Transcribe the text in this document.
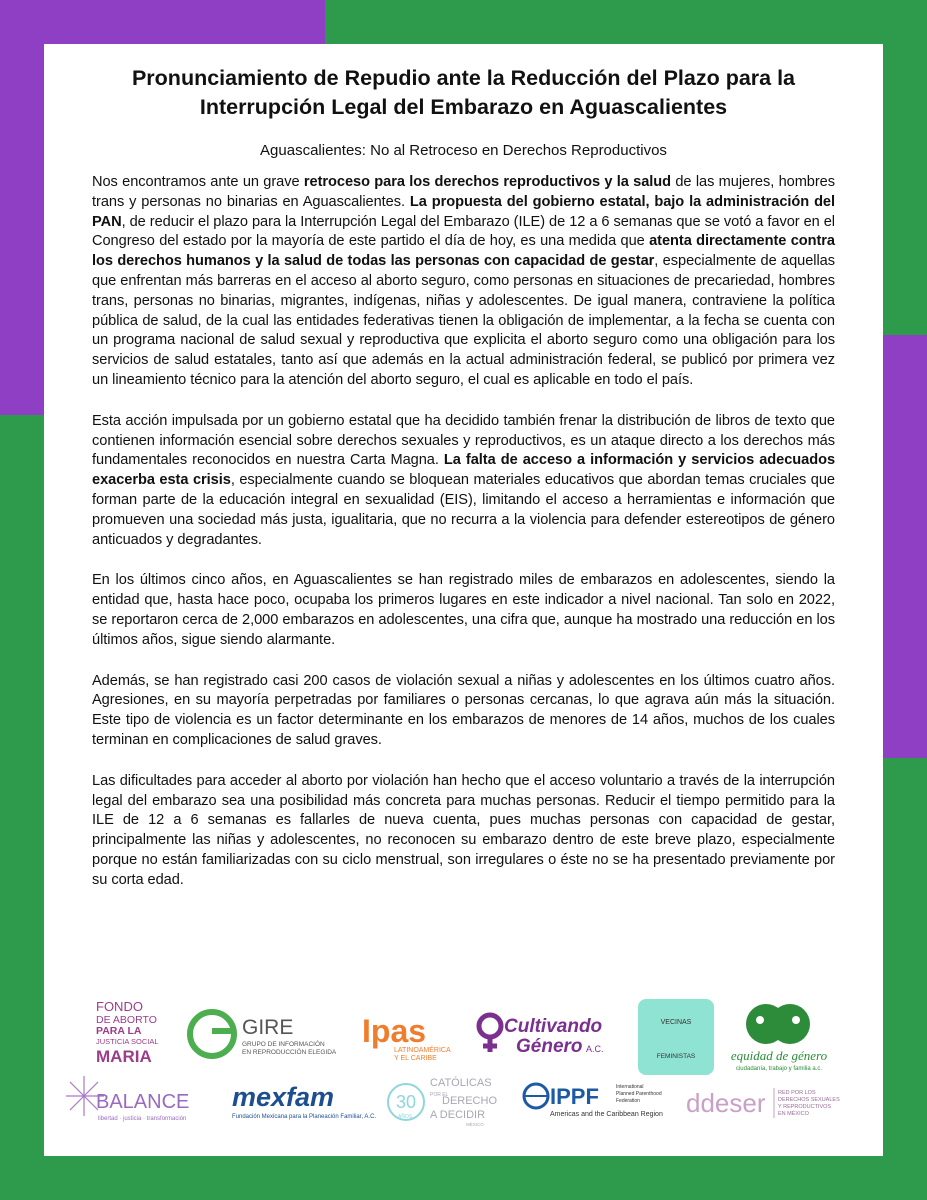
Pronunciamiento de Repudio ante la Reducción del Plazo para la
Interrupción Legal del Embarazo en Aguascalientes
Aguascalientes: No al Retroceso en Derechos Reproductivos

Nos encontramos ante un grave retroceso para los derechos reproductivos y la salud de las mujeres, hombres trans y personas no binarias en Aguascalientes. La propuesta del gobierno estatal, bajo la administración del PAN, de reducir el plazo para la Interrupción Legal del Embarazo (ILE) de 12 a 6 semanas que se votó a favor en el Congreso del estado por la mayoría de este partido el día de hoy, es una medida que atenta directamente contra los derechos humanos y la salud de todas las personas con capacidad de gestar, especialmente de aquellas que enfrentan más barreras en el acceso al aborto seguro, como personas en situaciones de precariedad, hombres trans, personas no binarias, migrantes, indígenas, niñas y adolescentes. De igual manera, contraviene la política pública de salud, de la cual las entidades federativas tienen la obligación de implementar, a la fecha se cuenta con un programa nacional de salud sexual y reproductiva que explicita el aborto seguro como una obligación para los servicios de salud estatales, tanto así que además en la actual administración federal, se publicó por primera vez un lineamiento técnico para la atención del aborto seguro, el cual es aplicable en todo el país.

Esta acción impulsada por un gobierno estatal que ha decidido también frenar la distribución de libros de texto que contienen información esencial sobre derechos sexuales y reproductivos, es un ataque directo a los derechos más fundamentales reconocidos en nuestra Carta Magna. La falta de acceso a información y servicios adecuados exacerba esta crisis, especialmente cuando se bloquean materiales educativos que abordan temas cruciales que forman parte de la educación integral en sexualidad (EIS), limitando el acceso a herramientas e información que promueven una sociedad más justa, igualitaria, que no recurra a la violencia para defender estereotipos de género anticuados y degradantes.

En los últimos cinco años, en Aguascalientes se han registrado miles de embarazos en adolescentes, siendo la entidad que, hasta hace poco, ocupaba los primeros lugares en este indicador a nivel nacional. Tan solo en 2022, se reportaron cerca de 2,000 embarazos en adolescentes, una cifra que, aunque ha mostrado una reducción en los últimos años, sigue siendo alarmante.

Además, se han registrado casi 200 casos de violación sexual a niñas y adolescentes en los últimos cuatro años. Agresiones, en su mayoría perpetradas por familiares o personas cercanas, lo que agrava aún más la situación. Este tipo de violencia es un factor determinante en los embarazos de menores de 14 años, muchos de los cuales terminan en complicaciones de salud graves.

Las dificultades para acceder al aborto por violación han hecho que el acceso voluntario a través de la interrupción legal del embarazo sea una posibilidad más concreta para muchas personas. Reducir el tiempo permitido para la ILE de 12 a 6 semanas es fallarles de nueva cuenta, pues muchas personas con capacidad de gestar, principalmente las niñas y adolescentes, no reconocen su embarazo dentro de este breve plazo, especialmente porque no están familiarizadas con su ciclo menstrual, son irregulares o éste no se ha presentado previamente por su corta edad.

FONDO
DE ABORTO
PARA LA
JUSTICIA SOCIAL
MARIA
GIRE
GRUPO DE INFORMACIÓN
EN REPRODUCCIÓN ELEGIDA
Ipas
LATINOAMÉRICA
Y EL CARIBE
Cultivando
Género A.C.
VECINAS
FEMINISTAS	equidad de género
ciudadanía, trabajo y familia a.c.
BALANCE
libertad · justicia · transformación
mexfam
Fundación Mexicana para la Planeación Familiar, A.C.
30
AÑOS
CATÓLICAS
POR EL
DERECHO
A DECIDIR
MÉXICO
IPPF	International
Planned Parenthood
Federation
Americas and the Caribbean Region ddeser RED POR LOS
DERECHOS SEXUALES
Y REPRODUCTIVOS
EN MÉXICO
